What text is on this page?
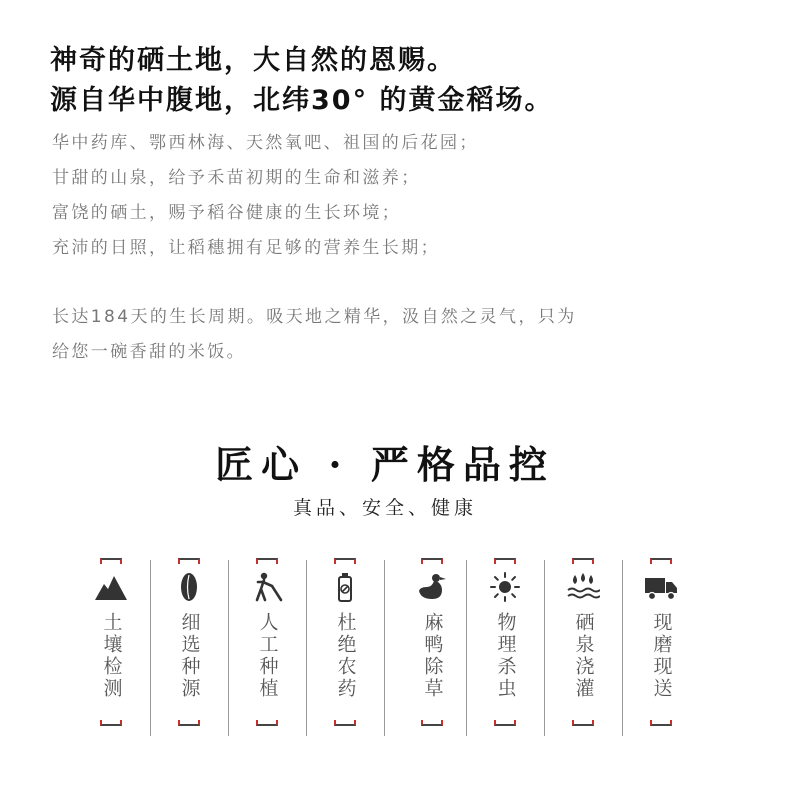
神奇的硒土地，大自然的恩赐。
源自华中腹地，北纬30° 的黄金稻场。
华中药库、鄂西林海、天然氧吧、祖国的后花园；
甘甜的山泉，给予禾苗初期的生命和滋养；
富饶的硒土，赐予稻谷健康的生长环境；
充沛的日照，让稻穗拥有足够的营养生长期；
长达184天的生长周期。吸天地之精华，汲自然之灵气，只为
给您一碗香甜的米饭。
匠心 · 严格品控
真品、安全、健康
土壤检测	细选种源	人工种植	杜绝农药	麻鸭除草	物理杀虫	硒泉浇灌	现磨现送
